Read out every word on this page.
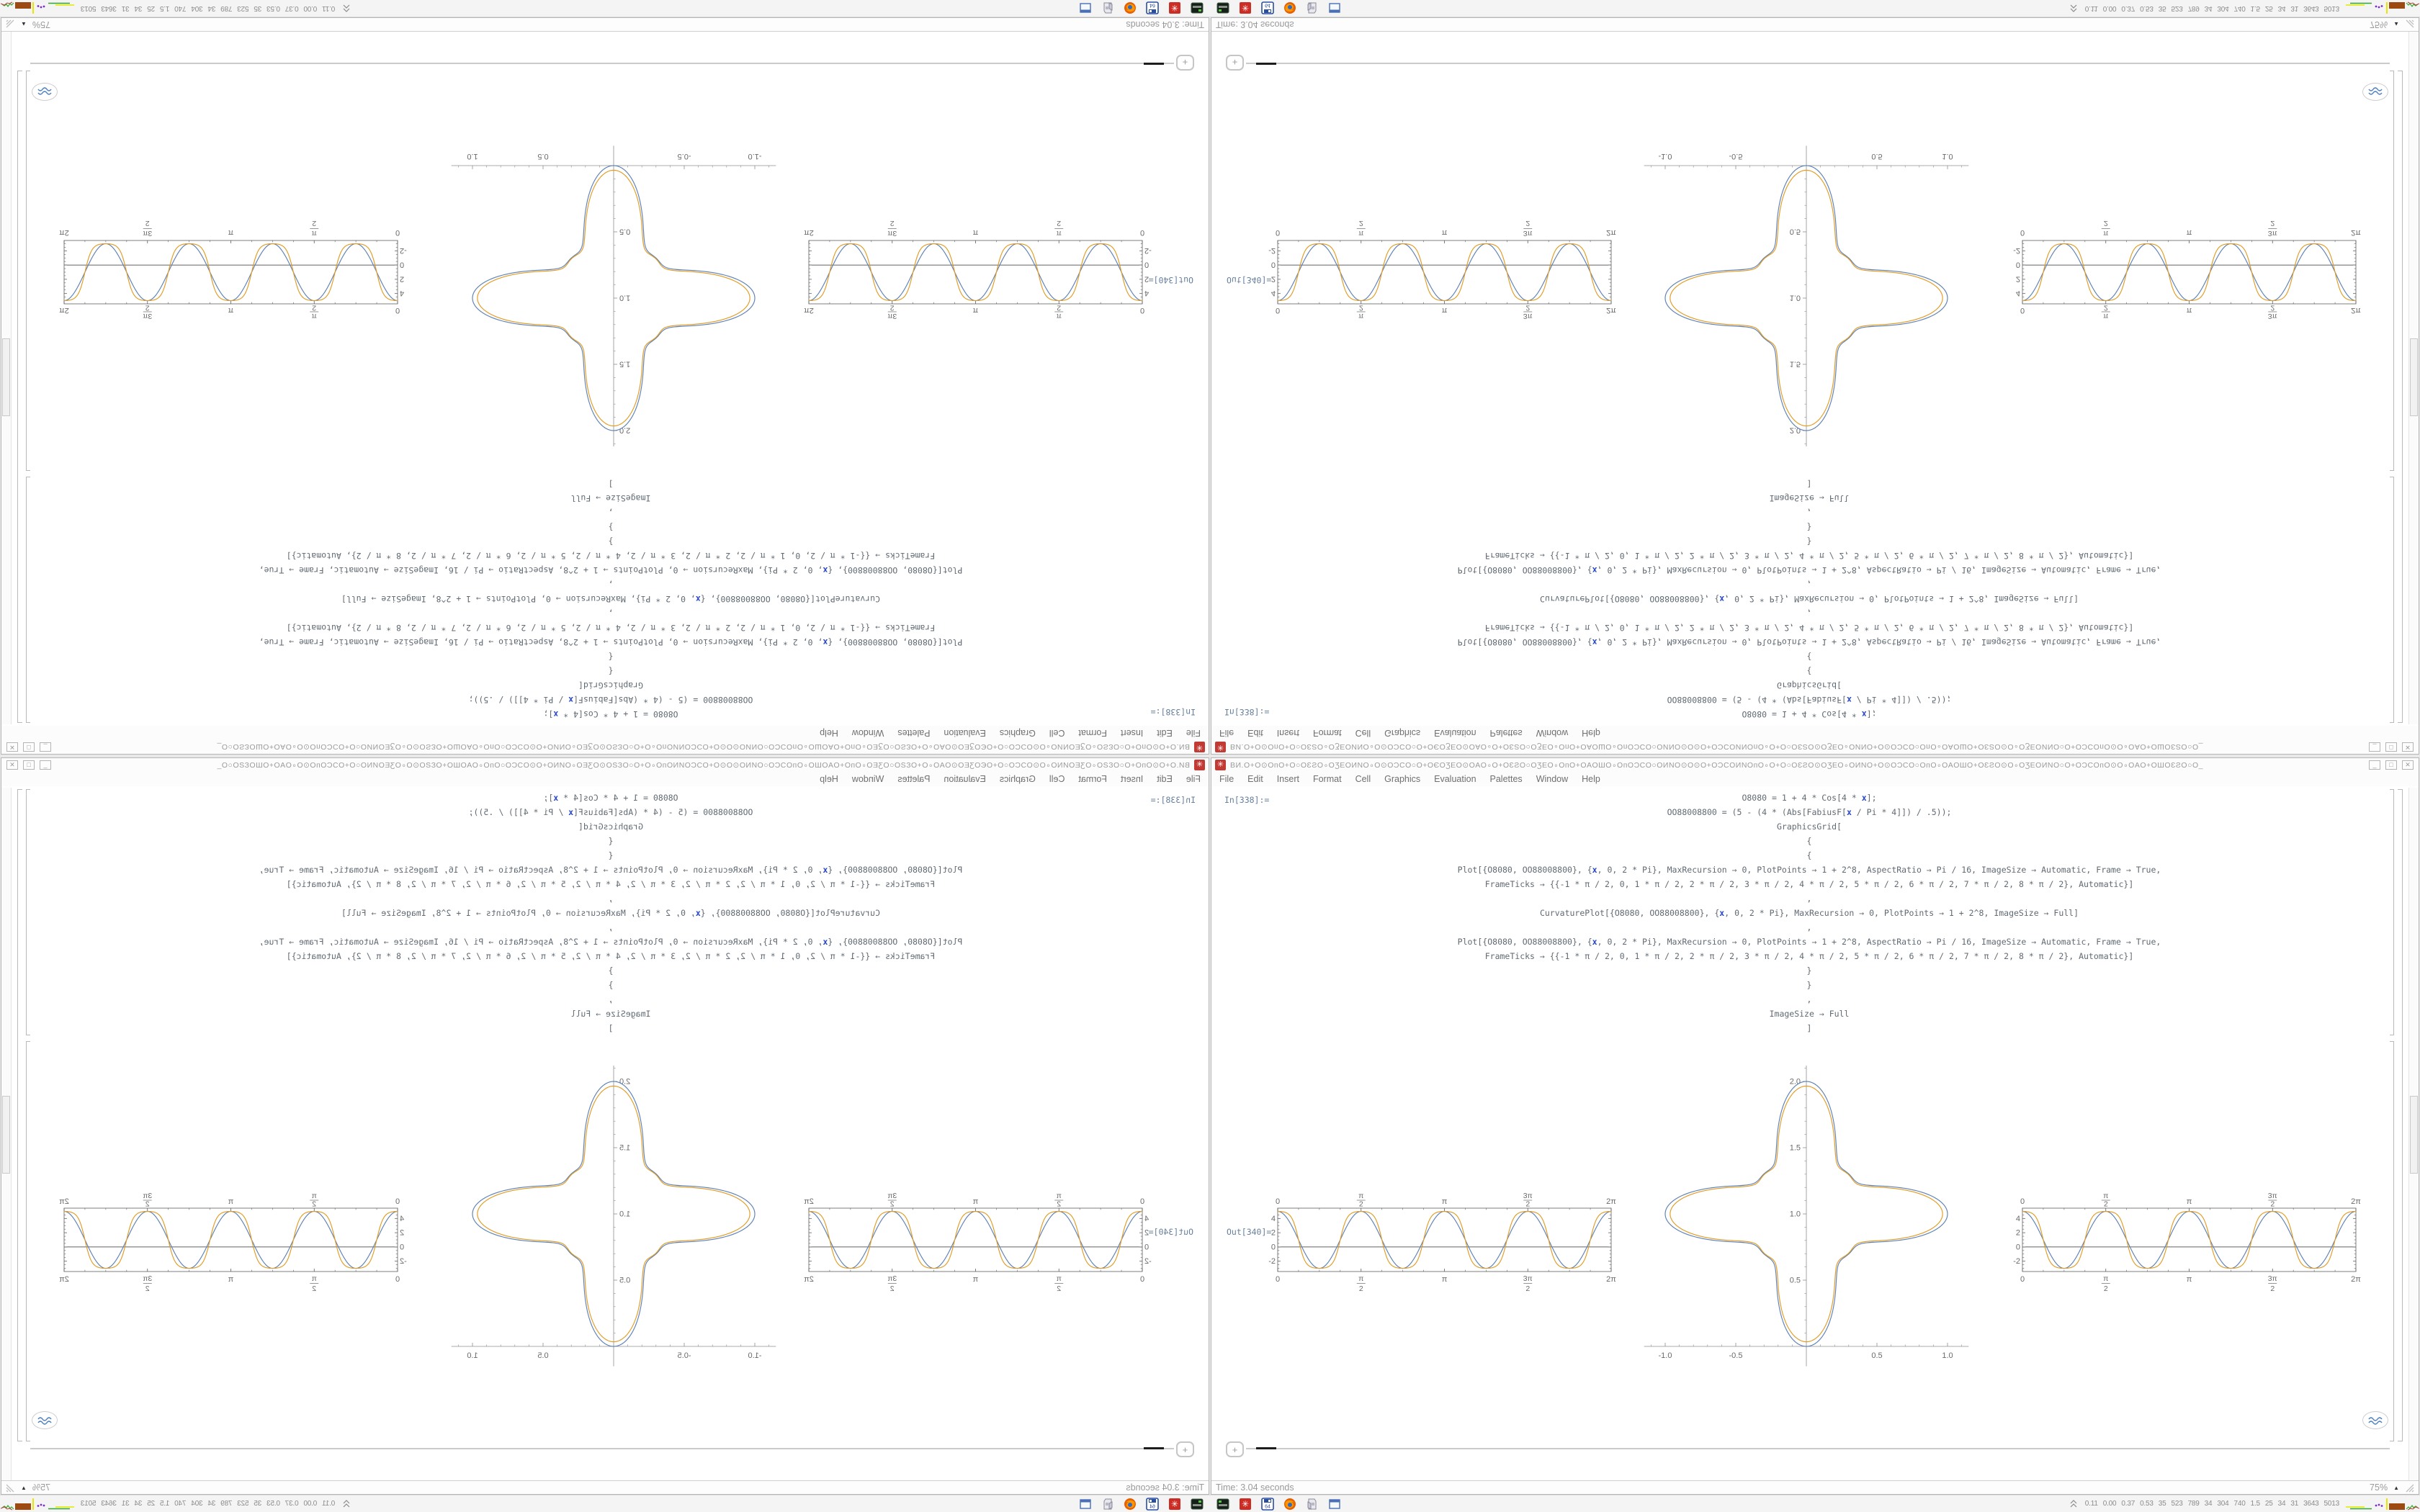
✳ ВИ.О+О⊙ОпО+О○ОƐƧО∘ОƷЕОИNО∘О⊙ОƆCО○О+ОЄОƷЕО⊙ОΑО∘О+ОƐƧО○ОƷЕО∘ОпО+ОΑОШО∘ОпОƆCО○ОИNО⊙О⊙О+ОƆCОИNОпО∘О+О○ОƐƧО⊙ОƷЕО∘ОИNО+О⊙ОƆCО○ОпО∘ОΑОШО+ОƐƧО⊙О∘ОƷЕОИNО○О+ОƆCОпО⊙О∘ОΑО+ОШОƐƧО○О_	_	□	✕
File Edit Insert Format Cell Graphics Evaluation Palettes Window Help
In[338]:=	O8080 = 1 + 4 * Cos[4 * x];
OO88008800 = (5 - (4 * (Abs[FabiusF[x / Pi * 4]]) / .5));
GraphicsGrid[
{
{
Plot[{O8080, OO88008800}, {x, 0, 2 * Pi}, MaxRecursion → 0, PlotPoints → 1 + 2^8, AspectRatio → Pi / 16, ImageSize → Automatic, Frame → True,
FrameTicks → {{-1 * π / 2, 0, 1 * π / 2, 2 * π / 2, 3 * π / 2, 4 * π / 2, 5 * π / 2, 6 * π / 2, 7 * π / 2, 8 * π / 2}, Automatic}]
,
CurvaturePlot[{O8080, OO88008800}, {x, 0, 2 * Pi}, MaxRecursion → 0, PlotPoints → 1 + 2^8, ImageSize → Full]
,
Plot[{O8080, OO88008800}, {x, 0, 2 * Pi}, MaxRecursion → 0, PlotPoints → 1 + 2^8, AspectRatio → Pi / 16, ImageSize → Automatic, Frame → True,
FrameTicks → {{-1 * π / 2, 0, 1 * π / 2, 2 * π / 2, 3 * π / 2, 4 * π / 2, 5 * π / 2, 6 * π / 2, 7 * π / 2, 8 * π / 2}, Automatic}]
}
}
,
ImageSize → Full
]
Out[340]=
0
0
π
2
π
2
π
π
3π
2
3π
2
2π
2π
4
2
0
-2
-1.0	-0.5	0.5	1.0
0.5
1.0
1.5
2.0
0
0
π
2
π
2
π
π
3π
2
3π
2
2π
2π
4
2
0
-2
+
Time: 3.04 seconds	75% ▲
✳	64	0.11 0.00 0.37 0.53 35 523 789 34 304 740 1.5 25 34 31 3643 5013
✳
ВИ.О+О⊙ОпО+О○ОƐƧО∘ОƷЕОИNО∘О⊙ОƆCО○О+ОЄОƷЕО⊙ОΑО∘О+ОƐƧО○ОƷЕО∘ОпО+ОΑОШО∘ОпОƆCО○ОИNО⊙О⊙О+ОƆCОИNОпО∘О+О○ОƐƧО⊙ОƷЕО∘ОИNО+О⊙ОƆCО○ОпО∘ОΑОШО+ОƐƧО⊙О∘ОƷЕОИNО○О+ОƆCОпО⊙О∘ОΑО+ОШОƐƧО○О_
_
□
✕
File
Edit
Insert
Format
Cell
Graphics
Evaluation
Palettes
Window
Help
In[338]:=
O8080 = 1 + 4 * Cos[4 * x];
OO88008800 = (5 - (4 * (Abs[FabiusF[x / Pi * 4]]) / .5));
GraphicsGrid[
{
{
Plot[{O8080, OO88008800}, {x, 0, 2 * Pi}, MaxRecursion → 0, PlotPoints → 1 + 2^8, AspectRatio → Pi / 16, ImageSize → Automatic, Frame → True,
FrameTicks → {{-1 * π / 2, 0, 1 * π / 2, 2 * π / 2, 3 * π / 2, 4 * π / 2, 5 * π / 2, 6 * π / 2, 7 * π / 2, 8 * π / 2}, Automatic}]
,
CurvaturePlot[{O8080, OO88008800}, {x, 0, 2 * Pi}, MaxRecursion → 0, PlotPoints → 1 + 2^8, ImageSize → Full]
,
Plot[{O8080, OO88008800}, {x, 0, 2 * Pi}, MaxRecursion → 0, PlotPoints → 1 + 2^8, AspectRatio → Pi / 16, ImageSize → Automatic, Frame → True,
FrameTicks → {{-1 * π / 2, 0, 1 * π / 2, 2 * π / 2, 3 * π / 2, 4 * π / 2, 5 * π / 2, 6 * π / 2, 7 * π / 2, 8 * π / 2}, Automatic}]
}
}
,
ImageSize → Full
]
Out[340]=
0
0
π
2
π
2
π
π
3π
2
3π
2
2π
2π
4
2
0
-2
-1.0
-0.5
0.5
1.0
0.5
1.0
1.5
2.0
0
0
π
2
π
2
π
π
3π
2
3π
2
2π
2π
4
2
0
-2
+
Time: 3.04 seconds
75%
▲
✳
64
0.11
0.00
0.37
0.53
35
523
789
34
304
740
1.5
25
34
31
3643
5013
✳ ВИ.О+О⊙ОпО+О○ОƐƧО∘ОƷЕОИNО∘О⊙ОƆCО○О+ОЄОƷЕО⊙ОΑО∘О+ОƐƧО○ОƷЕО∘ОпО+ОΑОШО∘ОпОƆCО○ОИNО⊙О⊙О+ОƆCОИNОпО∘О+О○ОƐƧО⊙ОƷЕО∘ОИNО+О⊙ОƆCО○ОпО∘ОΑОШО+ОƐƧО⊙О∘ОƷЕОИNО○О+ОƆCОпО⊙О∘ОΑО+ОШОƐƧО○О_	_	□	✕
File Edit Insert Format Cell Graphics Evaluation Palettes Window Help
In[338]:=	O8080 = 1 + 4 * Cos[4 * x];
OO88008800 = (5 - (4 * (Abs[FabiusF[x / Pi * 4]]) / .5));
GraphicsGrid[
{
{
Plot[{O8080, OO88008800}, {x, 0, 2 * Pi}, MaxRecursion → 0, PlotPoints → 1 + 2^8, AspectRatio → Pi / 16, ImageSize → Automatic, Frame → True,
FrameTicks → {{-1 * π / 2, 0, 1 * π / 2, 2 * π / 2, 3 * π / 2, 4 * π / 2, 5 * π / 2, 6 * π / 2, 7 * π / 2, 8 * π / 2}, Automatic}]
,
CurvaturePlot[{O8080, OO88008800}, {x, 0, 2 * Pi}, MaxRecursion → 0, PlotPoints → 1 + 2^8, ImageSize → Full]
,
Plot[{O8080, OO88008800}, {x, 0, 2 * Pi}, MaxRecursion → 0, PlotPoints → 1 + 2^8, AspectRatio → Pi / 16, ImageSize → Automatic, Frame → True,
FrameTicks → {{-1 * π / 2, 0, 1 * π / 2, 2 * π / 2, 3 * π / 2, 4 * π / 2, 5 * π / 2, 6 * π / 2, 7 * π / 2, 8 * π / 2}, Automatic}]
}
}
,
ImageSize → Full
]
Out[340]=
0
0
π
2
π
2
π
π
3π
2
3π
2
2π
2π
4
2
0
-2
-1.0	-0.5	0.5	1.0
0.5
1.0
1.5
2.0
0
0
π
2
π
2
π
π
3π
2
3π
2
2π
2π
4
2
0
-2
+
Time: 3.04 seconds	75% ▲
✳	64	0.11 0.00 0.37 0.53 35 523 789 34 304 740 1.5 25 34 31 3643 5013
✳
ВИ.О+О⊙ОпО+О○ОƐƧО∘ОƷЕОИNО∘О⊙ОƆCО○О+ОЄОƷЕО⊙ОΑО∘О+ОƐƧО○ОƷЕО∘ОпО+ОΑОШО∘ОпОƆCО○ОИNО⊙О⊙О+ОƆCОИNОпО∘О+О○ОƐƧО⊙ОƷЕО∘ОИNО+О⊙ОƆCО○ОпО∘ОΑОШО+ОƐƧО⊙О∘ОƷЕОИNО○О+ОƆCОпО⊙О∘ОΑО+ОШОƐƧО○О_
_
□
✕
File
Edit
Insert
Format
Cell
Graphics
Evaluation
Palettes
Window
Help
In[338]:=
O8080 = 1 + 4 * Cos[4 * x];
OO88008800 = (5 - (4 * (Abs[FabiusF[x / Pi * 4]]) / .5));
GraphicsGrid[
{
{
Plot[{O8080, OO88008800}, {x, 0, 2 * Pi}, MaxRecursion → 0, PlotPoints → 1 + 2^8, AspectRatio → Pi / 16, ImageSize → Automatic, Frame → True,
FrameTicks → {{-1 * π / 2, 0, 1 * π / 2, 2 * π / 2, 3 * π / 2, 4 * π / 2, 5 * π / 2, 6 * π / 2, 7 * π / 2, 8 * π / 2}, Automatic}]
,
CurvaturePlot[{O8080, OO88008800}, {x, 0, 2 * Pi}, MaxRecursion → 0, PlotPoints → 1 + 2^8, ImageSize → Full]
,
Plot[{O8080, OO88008800}, {x, 0, 2 * Pi}, MaxRecursion → 0, PlotPoints → 1 + 2^8, AspectRatio → Pi / 16, ImageSize → Automatic, Frame → True,
FrameTicks → {{-1 * π / 2, 0, 1 * π / 2, 2 * π / 2, 3 * π / 2, 4 * π / 2, 5 * π / 2, 6 * π / 2, 7 * π / 2, 8 * π / 2}, Automatic}]
}
}
,
ImageSize → Full
]
Out[340]=
0
0
π
2
π
2
π
π
3π
2
3π
2
2π
2π
4
2
0
-2
-1.0
-0.5
0.5
1.0
0.5
1.0
1.5
2.0
0
0
π
2
π
2
π
π
3π
2
3π
2
2π
2π
4
2
0
-2
+
Time: 3.04 seconds
75%
▲
✳
64
0.11
0.00
0.37
0.53
35
523
789
34
304
740
1.5
25
34
31
3643
5013
